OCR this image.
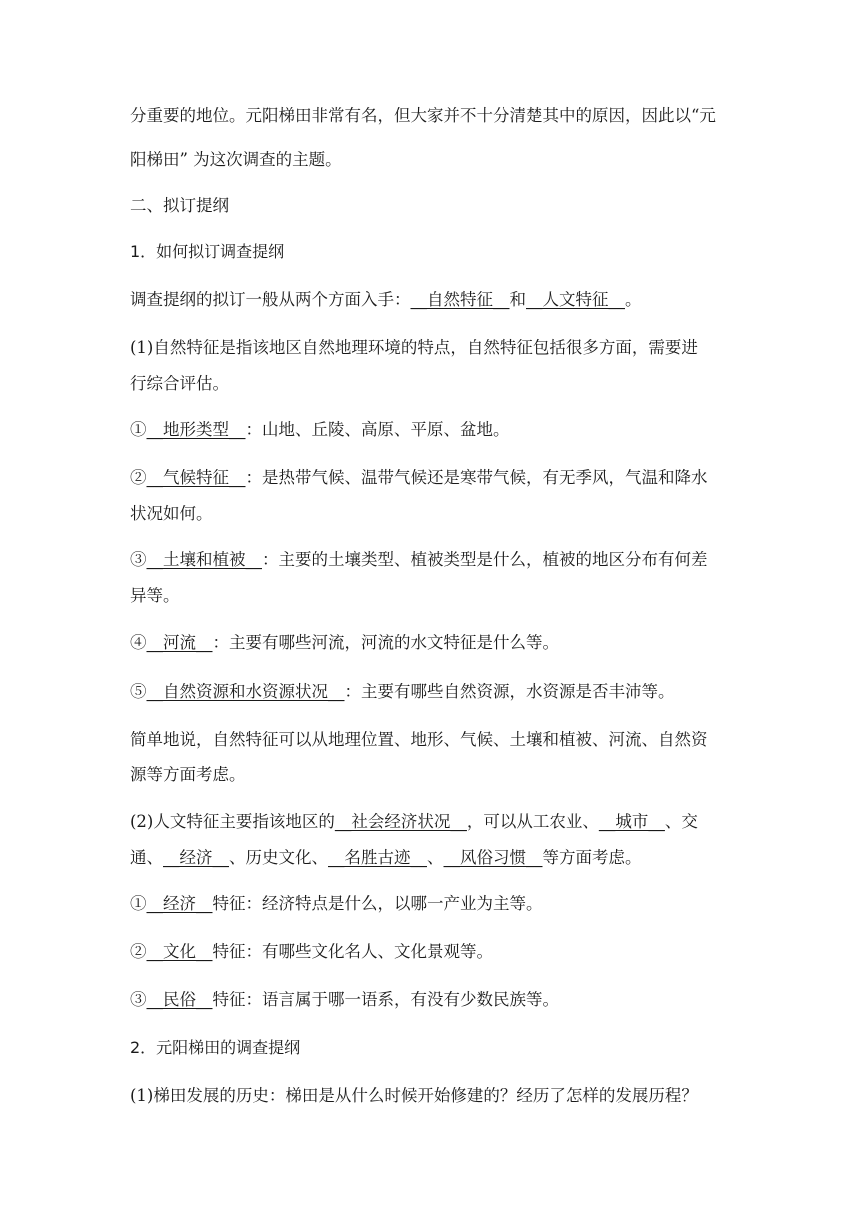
分重要的地位。元阳梯田非常有名，但大家并不十分清楚其中的原因，因此以“元
阳梯田” 为这次调查的主题。
二、拟订提纲
1．如何拟订调查提纲
调查提纲的拟订一般从两个方面入手：__自然特征__和__人文特征__。
(1)自然特征是指该地区自然地理环境的特点，自然特征包括很多方面，需要进
行综合评估。
①__地形类型__：山地、丘陵、高原、平原、盆地。
②__气候特征__：是热带气候、温带气候还是寒带气候，有无季风，气温和降水
状况如何。
③__土壤和植被__：主要的土壤类型、植被类型是什么，植被的地区分布有何差
异等。
④__河流__：主要有哪些河流，河流的水文特征是什么等。
⑤__自然资源和水资源状况__：主要有哪些自然资源，水资源是否丰沛等。
简单地说，自然特征可以从地理位置、地形、气候、土壤和植被、河流、自然资
源等方面考虑。
(2)人文特征主要指该地区的__社会经济状况__，可以从工农业、__城市__、交
通、__经济__、历史文化、__名胜古迹__、__风俗习惯__等方面考虑。
①__经济__特征：经济特点是什么，以哪一产业为主等。
②__文化__特征：有哪些文化名人、文化景观等。
③__民俗__特征：语言属于哪一语系，有没有少数民族等。
2．元阳梯田的调查提纲
(1)梯田发展的历史：梯田是从什么时候开始修建的？经历了怎样的发展历程？
